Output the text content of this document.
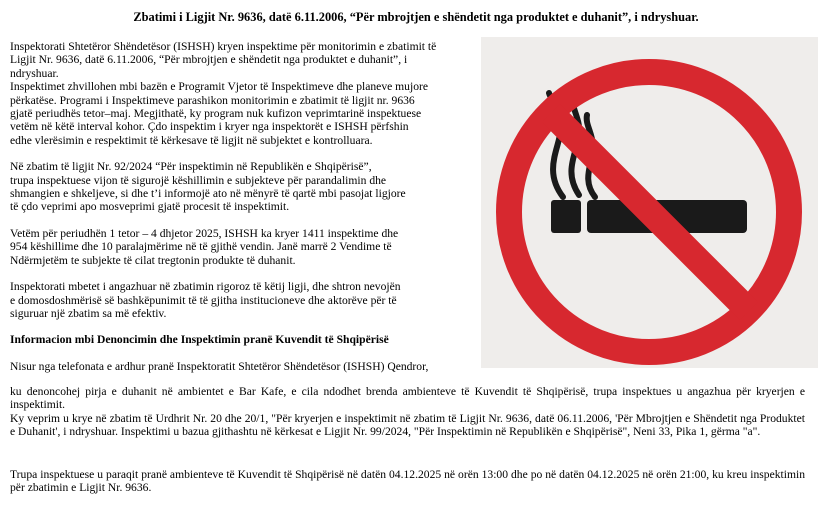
Zbatimi i Ligjit Nr. 9636, datë 6.11.2006, “Për mbrojtjen e shëndetit nga produktet e duhanit”, i ndryshuar.

Inspektorati Shtetëror Shëndetësor (ISHSH) kryen inspektime për monitorimin e zbatimit të
Ligjit Nr. 9636, datë 6.11.2006, “Për mbrojtjen e shëndetit nga produktet e duhanit”, i
ndryshuar.

Inspektimet zhvillohen mbi bazën e Programit Vjetor të Inspektimeve dhe planeve mujore
përkatëse. Programi i Inspektimeve parashikon monitorimin e zbatimit të ligjit nr. 9636
gjatë periudhës tetor–maj. Megjithatë, ky program nuk kufizon veprimtarinë inspektuese
vetëm në këtë interval kohor. Çdo inspektim i kryer nga inspektorët e ISHSH përfshin
edhe vlerësimin e respektimit të kërkesave të ligjit në subjektet e kontrolluara.

Në zbatim të ligjit Nr. 92/2024 “Për inspektimin në Republikën e Shqipërisë”,
trupa inspektuese vijon të sigurojë këshillimin e subjekteve për parandalimin dhe
shmangien e shkeljeve, si dhe t’i informojë ato në mënyrë të qartë mbi pasojat ligjore
të çdo veprimi apo mosveprimi gjatë procesit të inspektimit.

Vetëm për periudhën 1 tetor – 4 dhjetor 2025, ISHSH ka kryer 1411 inspektime dhe
954 këshillime dhe 10 paralajmërime në të gjithë vendin. Janë marrë 2 Vendime të
Ndërmjetëm te subjekte të cilat tregtonin produkte të duhanit.

Inspektorati mbetet i angazhuar në zbatimin rigoroz të këtij ligji, dhe shtron nevojën
e domosdoshmërisë së bashkëpunimit të të gjitha institucioneve dhe aktorëve për të
siguruar një zbatim sa më efektiv.

Informacion mbi Denoncimin dhe Inspektimin pranë Kuvendit të Shqipërisë

Nisur nga telefonata e ardhur pranë Inspektoratit Shtetëror Shëndetësor (ISHSH) Qendror,

ku denoncohej pirja e duhanit në ambientet e Bar Kafe, e cila ndodhet brenda ambienteve të Kuvendit të Shqipërisë, trupa inspektues u angazhua për kryerjen e inspektimit.
Ky veprim u krye në zbatim të Urdhrit Nr. 20 dhe 20/1, "Për kryerjen e inspektimit në zbatim të Ligjit Nr. 9636, datë 06.11.2006, 'Për Mbrojtjen e Shëndetit nga Produktet e Duhanit', i ndryshuar. Inspektimi u bazua gjithashtu në kërkesat e Ligjit Nr. 99/2024, "Për Inspektimin në Republikën e Shqipërisë", Neni 33, Pika 1, gërma "a".
Trupa inspektuese u paraqit pranë ambienteve të Kuvendit të Shqipërisë në datën 04.12.2025 në orën 13:00 dhe po në datën 04.12.2025 në orën 21:00, ku kreu inspektimin për zbatimin e Ligjit Nr. 9636.
